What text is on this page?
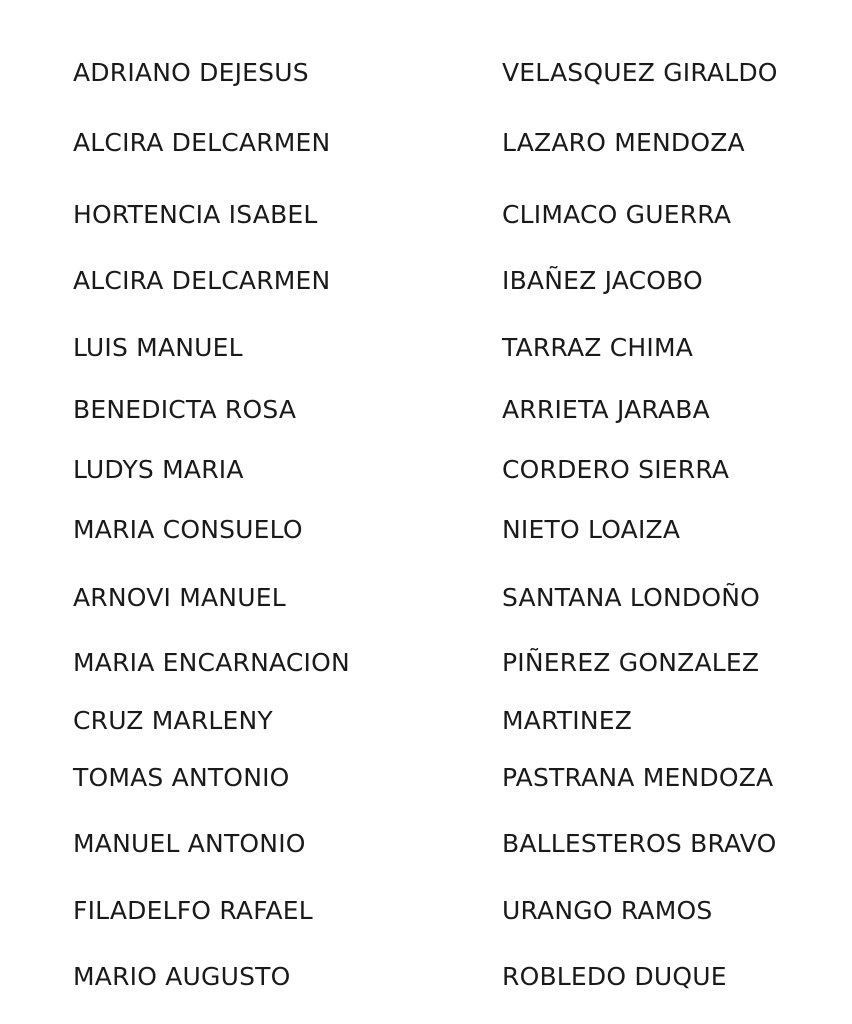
ADRIANO DEJESUS	VELASQUEZ GIRALDO
ALCIRA DELCARMEN	LAZARO MENDOZA
HORTENCIA ISABEL	CLIMACO GUERRA
ALCIRA DELCARMEN	IBAÑEZ JACOBO
LUIS MANUEL	TARRAZ CHIMA
BENEDICTA ROSA	ARRIETA JARABA
LUDYS MARIA	CORDERO SIERRA
MARIA CONSUELO	NIETO LOAIZA
ARNOVI MANUEL	SANTANA LONDOÑO
MARIA ENCARNACION	PIÑEREZ GONZALEZ
CRUZ MARLENY	MARTINEZ
TOMAS ANTONIO	PASTRANA MENDOZA
MANUEL ANTONIO	BALLESTEROS BRAVO
FILADELFO RAFAEL	URANGO RAMOS
MARIO AUGUSTO	ROBLEDO DUQUE
